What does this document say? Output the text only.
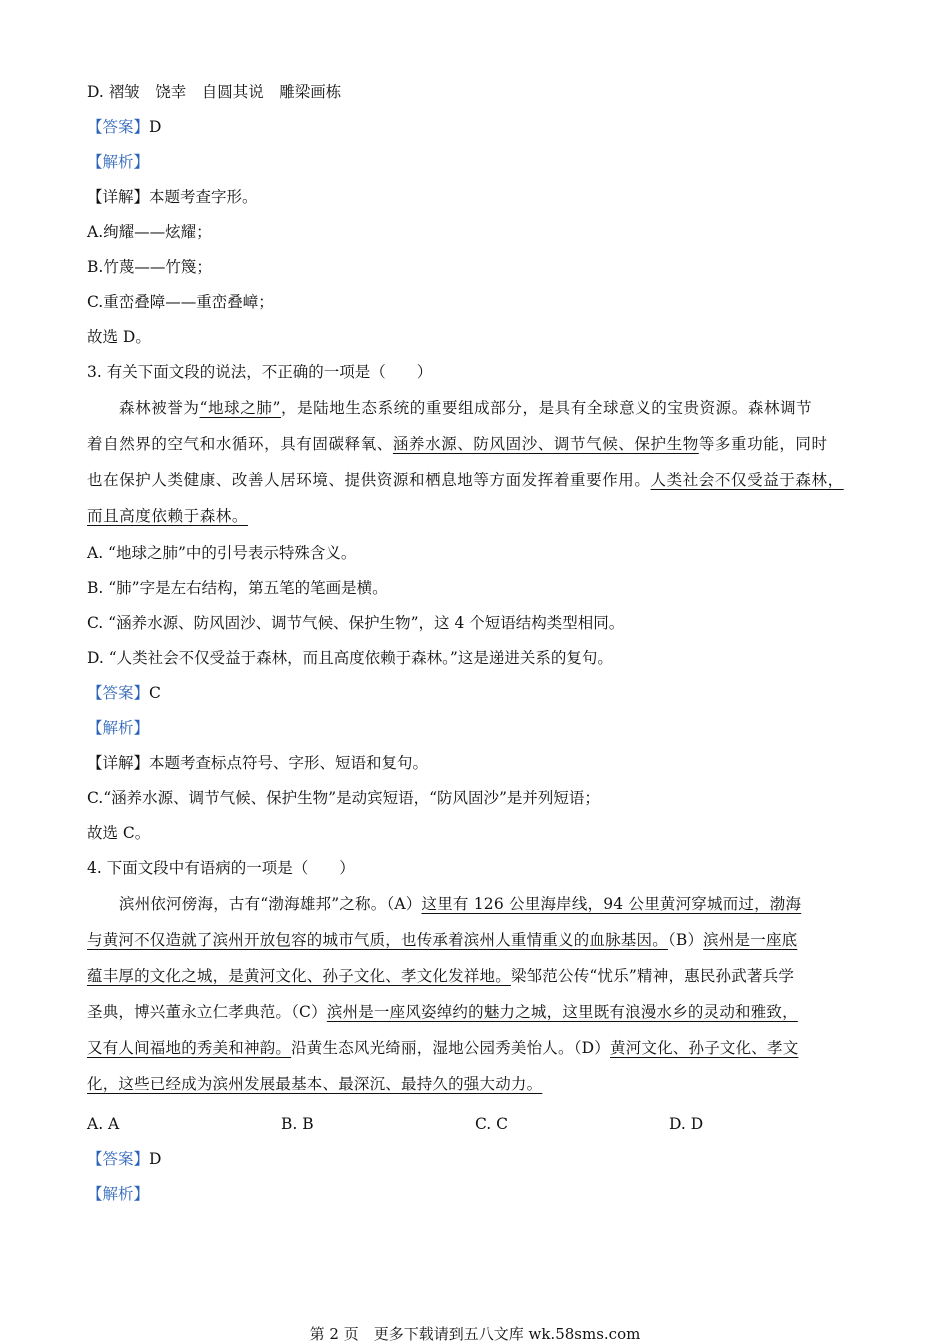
D. 褶皱　饶幸　自圆其说　雕梁画栋
【答案】D
【解析】
【详解】本题考查字形。
A.绚耀——炫耀；
B.竹蔑——竹篾；
C.重峦叠障——重峦叠嶂；
故选 D。
3. 有关下面文段的说法，不正确的一项是（　　）
森林被誉为“地球之肺”，是陆地生态系统的重要组成部分，是具有全球意义的宝贵资源。森林调节
着自然界的空气和水循环，具有固碳释氧、涵养水源、防风固沙、调节气候、保护生物等多重功能，同时
也在保护人类健康、改善人居环境、提供资源和栖息地等方面发挥着重要作用。人类社会不仅受益于森林，
而且高度依赖于森林。
A. “地球之肺”中的引号表示特殊含义。
B. “肺”字是左右结构，第五笔的笔画是横。
C. “涵养水源、防风固沙、调节气候、保护生物”，这 4 个短语结构类型相同。
D. “人类社会不仅受益于森林，而且高度依赖于森林。”这是递进关系的复句。
【答案】C
【解析】
【详解】本题考查标点符号、字形、短语和复句。
C.“涵养水源、调节气候、保护生物”是动宾短语，“防风固沙”是并列短语；
故选 C。
4. 下面文段中有语病的一项是（　　）
滨州依河傍海，古有“渤海雄邦”之称。（A）这里有 126 公里海岸线，94 公里黄河穿城而过，渤海
与黄河不仅造就了滨州开放包容的城市气质，也传承着滨州人重情重义的血脉基因。（B）滨州是一座底
蕴丰厚的文化之城，是黄河文化、孙子文化、孝文化发祥地。梁邹范公传“忧乐”精神，惠民孙武著兵学
圣典，博兴董永立仁孝典范。（C）滨州是一座风姿绰约的魅力之城，这里既有浪漫水乡的灵动和雅致，
又有人间福地的秀美和神韵。沿黄生态风光绮丽，湿地公园秀美怡人。（D）黄河文化、孙子文化、孝文
化，这些已经成为滨州发展最基本、最深沉、最持久的强大动力。
A. A	B. B	C. C	D. D
【答案】D
【解析】
第 2 页　更多下载请到五八文库 wk.58sms.com
